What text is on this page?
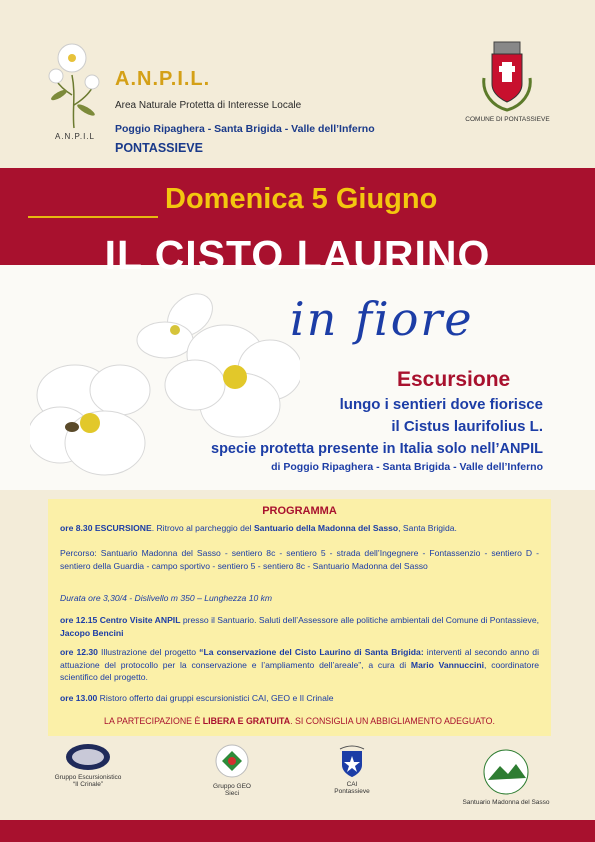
A.N.P.I.L
A.N.P.I.L.
Area Naturale Protetta di Interesse Locale
Poggio Ripaghera - Santa Brigida - Valle dell’Inferno
PONTASSIEVE
COMUNE DI PONTASSIEVE
Domenica 5 Giugno
IL CISTO LAURINO
in fiore
Escursione
lungo i sentieri dove fiorisce
il Cistus laurifolius L.
specie protetta presente in Italia solo nell’ANPIL
di Poggio Ripaghera - Santa Brigida - Valle dell’Inferno
PROGRAMMA
ore 8.30 ESCURSIONE. Ritrovo al parcheggio del Santuario della Madonna del Sasso, Santa Brigida.
Percorso: Santuario Madonna del Sasso - sentiero 8c - sentiero 5 - strada dell’Ingegnere - Fontassenzio - sentiero D - sentiero della Guardia - campo sportivo - sentiero 5 - sentiero 8c - Santuario Madonna del Sasso
Durata ore 3,30/4 - Dislivello m 350 – Lunghezza 10 km
ore 12.15 Centro Visite ANPIL presso il Santuario. Saluti dell’Assessore alle politiche ambientali del Comune di Pontassieve, Jacopo Bencini
ore 12.30 Illustrazione del progetto “La conservazione del Cisto Laurino di Santa Brigida: interventi al secondo anno di attuazione del protocollo per la conservazione e l’ampliamento dell’areale”, a cura di Mario Vannuccini, coordinatore scientifico del progetto.
ore 13.00 Ristoro offerto dai gruppi escursionistici CAI, GEO e Il Crinale
LA PARTECIPAZIONE È LIBERA E GRATUITA. SI CONSIGLIA UN ABBIGLIAMENTO ADEGUATO.
Gruppo Escursionistico
“Il Crinale”	Gruppo GEO
Sieci
CAI
Pontassieve
Santuario Madonna del Sasso
